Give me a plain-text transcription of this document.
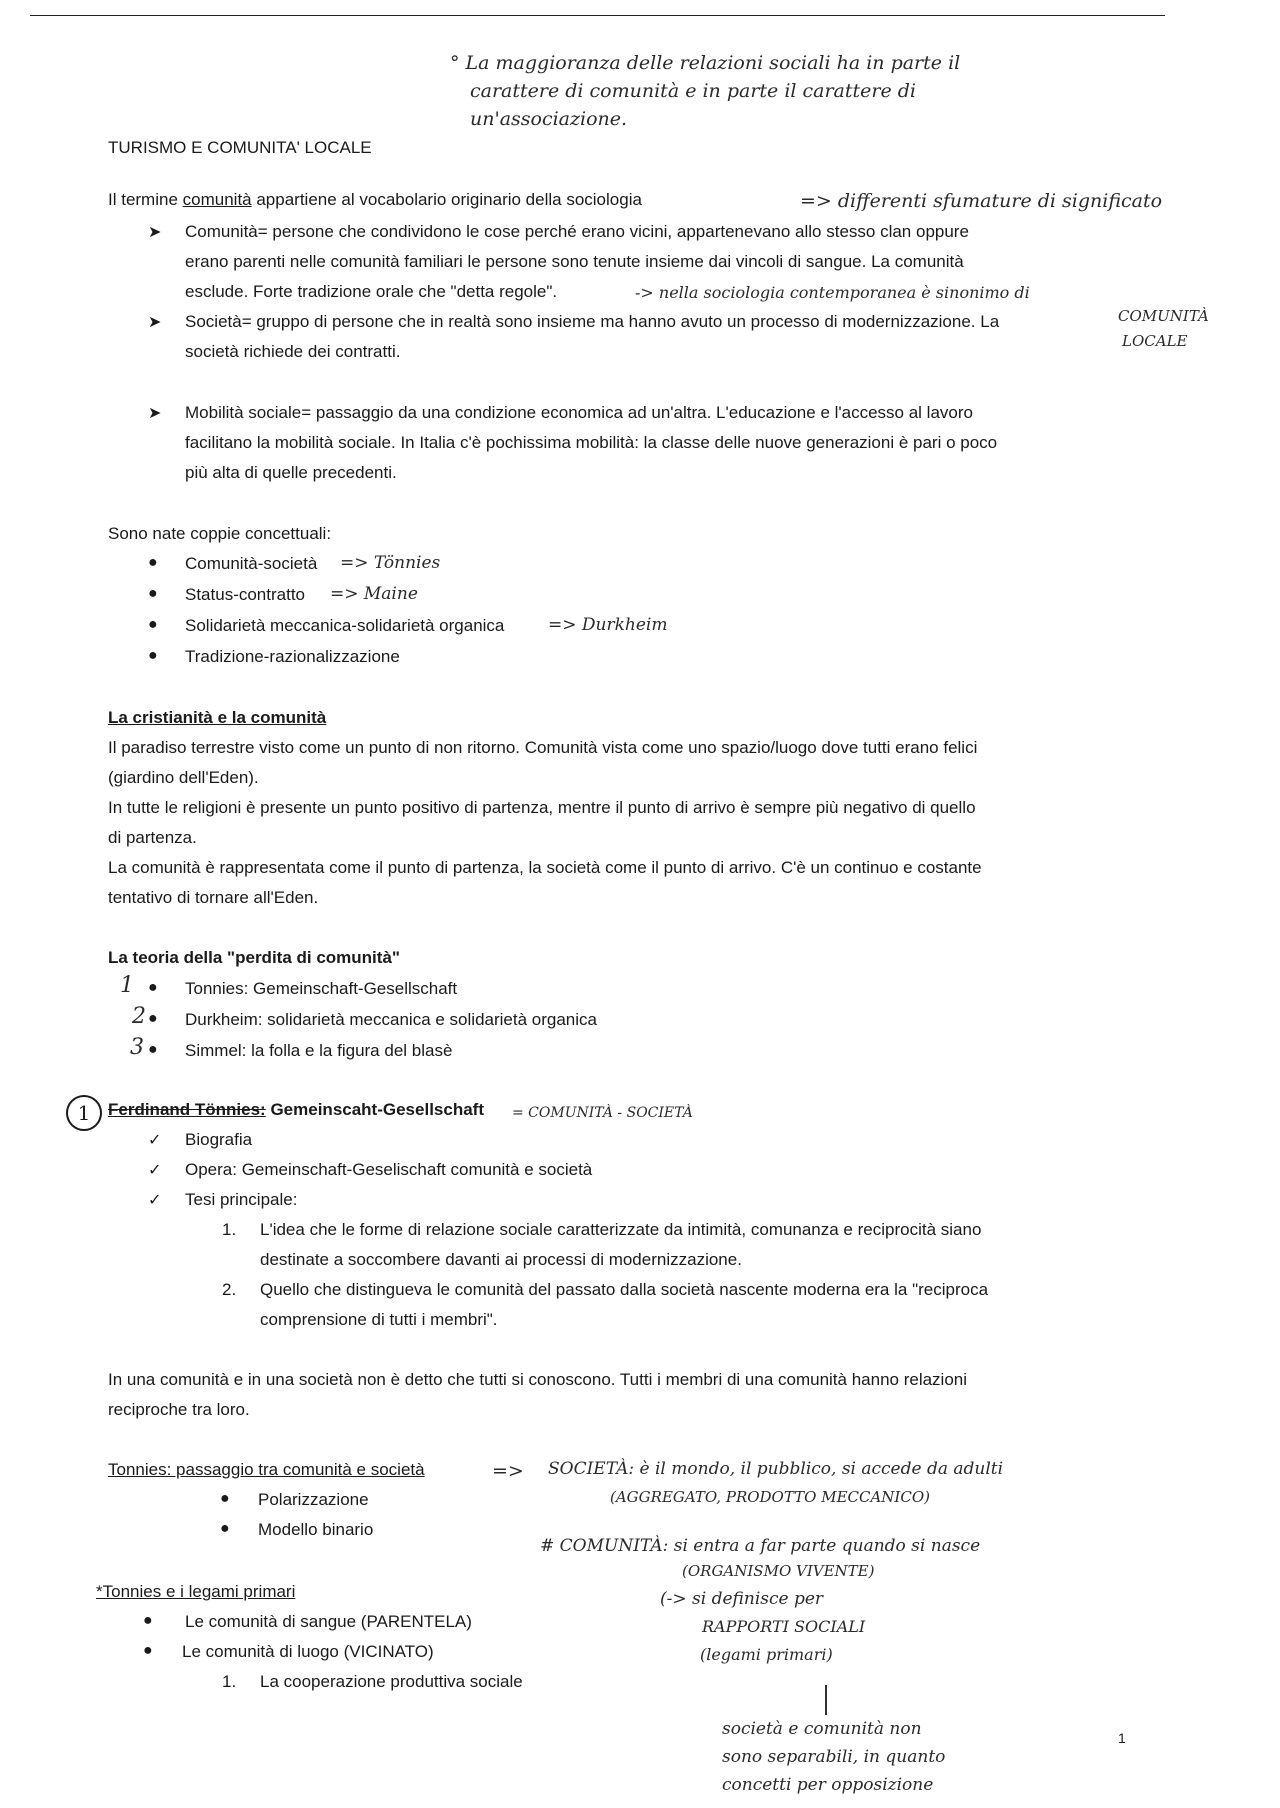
° La maggioranza delle relazioni sociali ha in parte il
carattere di comunità e in parte il carattere di
un'associazione.
TURISMO E COMUNITA' LOCALE
Il termine comunità appartiene al vocabolario originario della sociologia	=> differenti sfumature di significato
➤ Comunità= persone che condividono le cose perché erano vicini, appartenevano allo stesso clan oppure
erano parenti nelle comunità familiari le persone sono tenute insieme dai vincoli di sangue. La comunità
esclude. Forte tradizione orale che "detta regole".	-> nella sociologia contemporanea è sinonimo di
➤ Società= gruppo di persone che in realtà sono insieme ma hanno avuto un processo di modernizzazione. La
società richiede dei contratti.
COMUNITÀ
LOCALE
➤ Mobilità sociale= passaggio da una condizione economica ad un'altra. L'educazione e l'accesso al lavoro
facilitano la mobilità sociale. In Italia c'è pochissima mobilità: la classe delle nuove generazioni è pari o poco
più alta di quelle precedenti.
Sono nate coppie concettuali:
● Comunità-società => Tönnies
● Status-contratto => Maine
● Solidarietà meccanica-solidarietà organica	=> Durkheim
● Tradizione-razionalizzazione
La cristianità e la comunità
Il paradiso terrestre visto come un punto di non ritorno. Comunità vista come uno spazio/luogo dove tutti erano felici
(giardino dell'Eden).
In tutte le religioni è presente un punto positivo di partenza, mentre il punto di arrivo è sempre più negativo di quello
di partenza.
La comunità è rappresentata come il punto di partenza, la società come il punto di arrivo. C'è un continuo e costante
tentativo di tornare all'Eden.
La teoria della "perdita di comunità"
1 ● Tonnies: Gemeinschaft-Gesellschaft
2 ● Durkheim: solidarietà meccanica e solidarietà organica
3 ● Simmel: la folla e la figura del blasè
1	Ferdinand Tönnies: Gemeinscaht-Gesellschaft = COMUNITÀ - SOCIETÀ
✓ Biografia
✓ Opera: Gemeinschaft-Geselischaft comunità e società
✓ Tesi principale:
1. L'idea che le forme di relazione sociale caratterizzate da intimità, comunanza e reciprocità siano
destinate a soccombere davanti ai processi di modernizzazione.
2. Quello che distingueva le comunità del passato dalla società nascente moderna era la "reciproca
comprensione di tutti i membri".
In una comunità e in una società non è detto che tutti si conoscono. Tutti i membri di una comunità hanno relazioni
reciproche tra loro.
Tonnies: passaggio tra comunità e società	=> SOCIETÀ: è il mondo, il pubblico, si accede da adulti
(AGGREGATO, PRODOTTO MECCANICO)
● Polarizzazione
● Modello binario
# COMUNITÀ: si entra a far parte quando si nasce
(ORGANISMO VIVENTE)
(-> si definisce per
RAPPORTI SOCIALI
(legami primari)
*Tonnies e i legami primari
● Le comunità di sangue (PARENTELA)
● Le comunità di luogo (VICINATO)
1. La cooperazione produttiva sociale
società e comunità non
sono separabili, in quanto
concetti per opposizione
1
